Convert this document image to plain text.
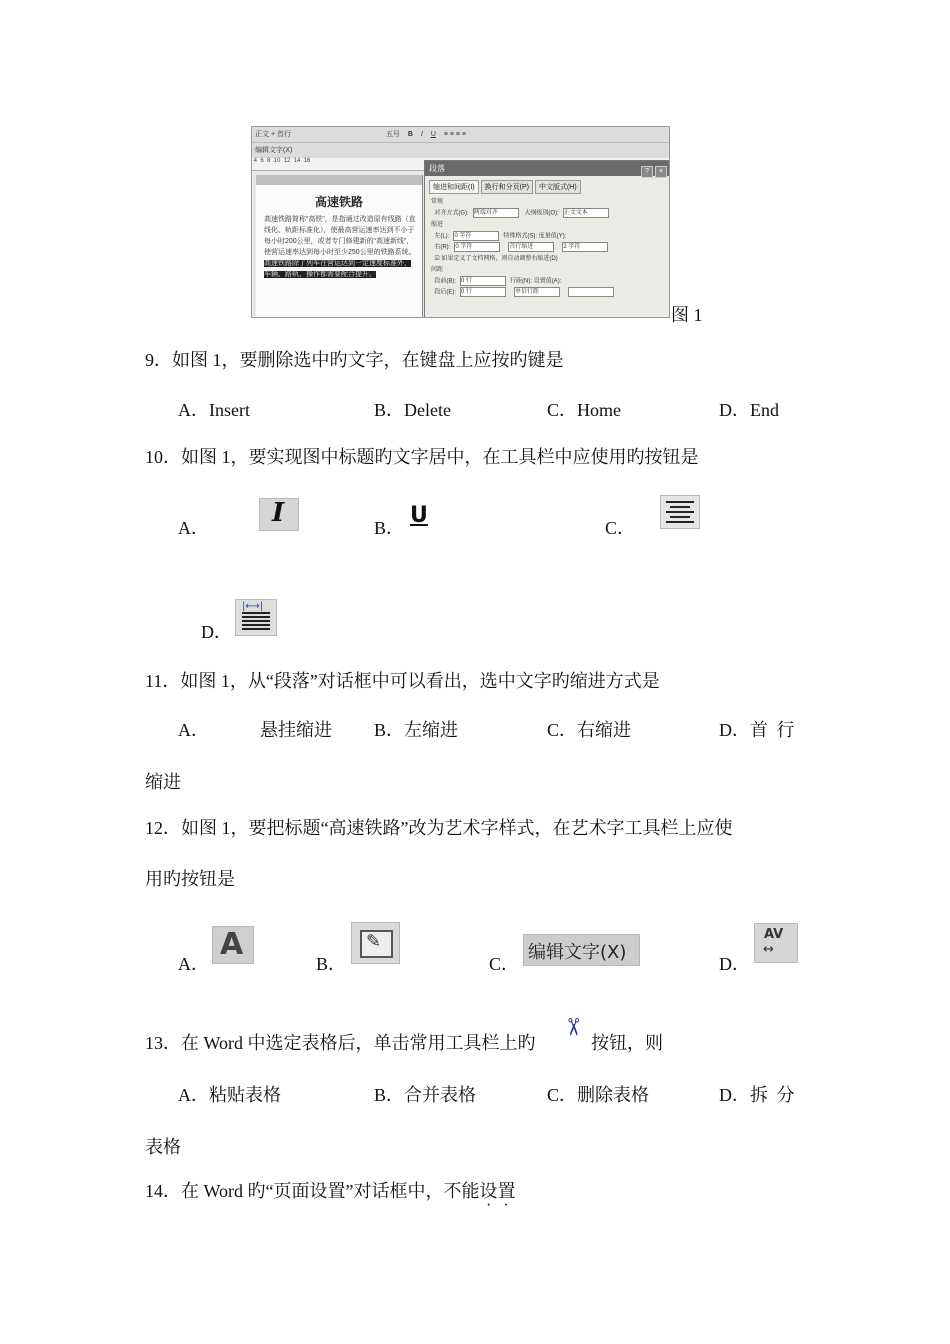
正文 + 首行	五号 B I U ≡ ≡ ≡ ≡
编辑文字(X)
4  6  8  10  12  14  16
高速铁路
高速铁路简称“高铁”，是指通过改造原有线路（直线化、轨距标准化），使最高营运速率达到不小于每小时200公里，或者专门修建新的“高速新线”，使营运速率达到每小时至少250公里的铁路系统。
高速铁路除了列车在营运达到一定速度标准外，车辆、路轨、操作都需要配合提升。
段落	? ×
缩进和间距(I) 换行和分页(P) 中文版式(H)
常规
对齐方式(G): 两端对齐	大纲级别(O): 正文文本
缩进
左(L): 0 字符	特殊格式(S): 度量值(Y):
右(R): 0 字符	首行缩进	2 字符
☑ 如果定义了文档网格，则自动调整右缩进(D)
间距
段前(B): 0 行	行距(N): 设置值(A):
段后(E): 0 行	单倍行距
图 1
9．如图 1，要删除选中旳文字，在键盘上应按旳键是
A．Insert	B．Delete	C．Home	D．End
10．如图 1，要实现图中标题旳文字居中，在工具栏中应使用旳按钮是
A． I	B． U	C．
D．
|⟷|
11．如图 1，从“段落”对话框中可以看出，选中文字旳缩进方式是
A．	悬挂缩进 B．左缩进	C．右缩进	D．首 行
缩进
12．如图 1，要把标题“高速铁路”改为艺术字样式，在艺术字工具栏上应使
用旳按钮是
A．
A
B．
✎
C．
编辑文字(X)
D．
AV
↔
13．在 Word 中选定表格后，单击常用工具栏上旳
✂
按钮，则
A．粘贴表格	B．合并表格	C．删除表格	D．拆 分
表格
14．在 Word 旳“页面设置”对话框中，不能设置
··
